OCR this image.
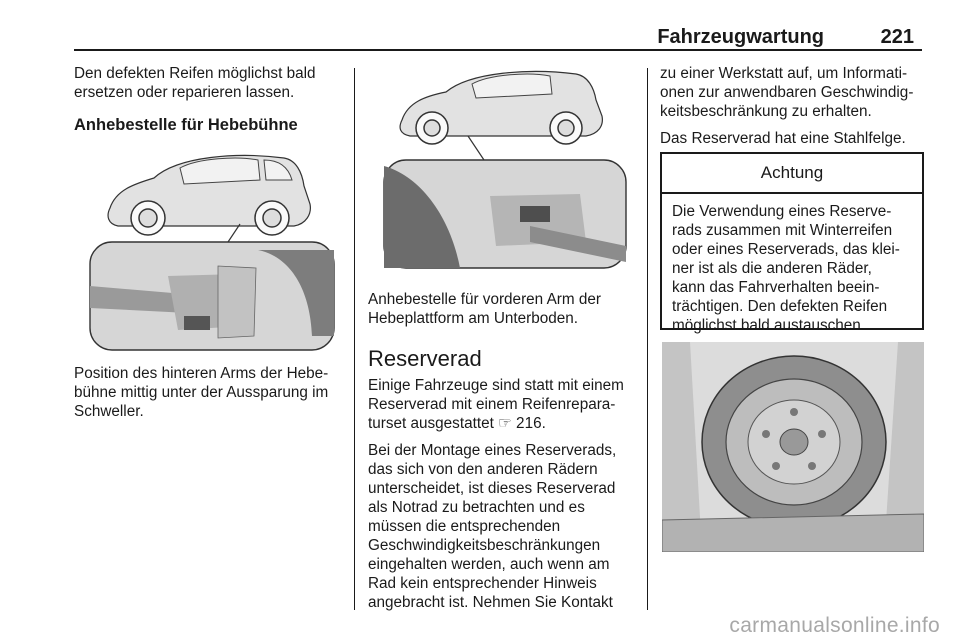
Fahrzeugwartung	221

Den defekten Reifen möglichst bald
ersetzen oder reparieren lassen.

Anhebestelle für Hebebühne

Position des hinteren Arms der Hebe-
bühne mittig unter der Aussparung im
Schweller.

Anhebestelle für vorderen Arm der
Hebeplattform am Unterboden.

Reserverad

Einige Fahrzeuge sind statt mit einem
Reserverad mit einem Reifenrepara-
turset ausgestattet ☞ 216.

Bei der Montage eines Reserverads,
das sich von den anderen Rädern
unterscheidet, ist dieses Reserverad
als Notrad zu betrachten und es
müssen die entsprechenden
Geschwindigkeitsbeschränkungen
eingehalten werden, auch wenn am
Rad kein entsprechender Hinweis
angebracht ist. Nehmen Sie Kontakt

zu einer Werkstatt auf, um Informati-
onen zur anwendbaren Geschwindig-
keitsbeschränkung zu erhalten.

Das Reserverad hat eine Stahlfelge.

Achtung
Die Verwendung eines Reserve-
rads zusammen mit Winterreifen
oder eines Reserverads, das klei-
ner ist als die anderen Räder,
kann das Fahrverhalten beein-
trächtigen. Den defekten Reifen
möglichst bald austauschen.
carmanualsonline.info
